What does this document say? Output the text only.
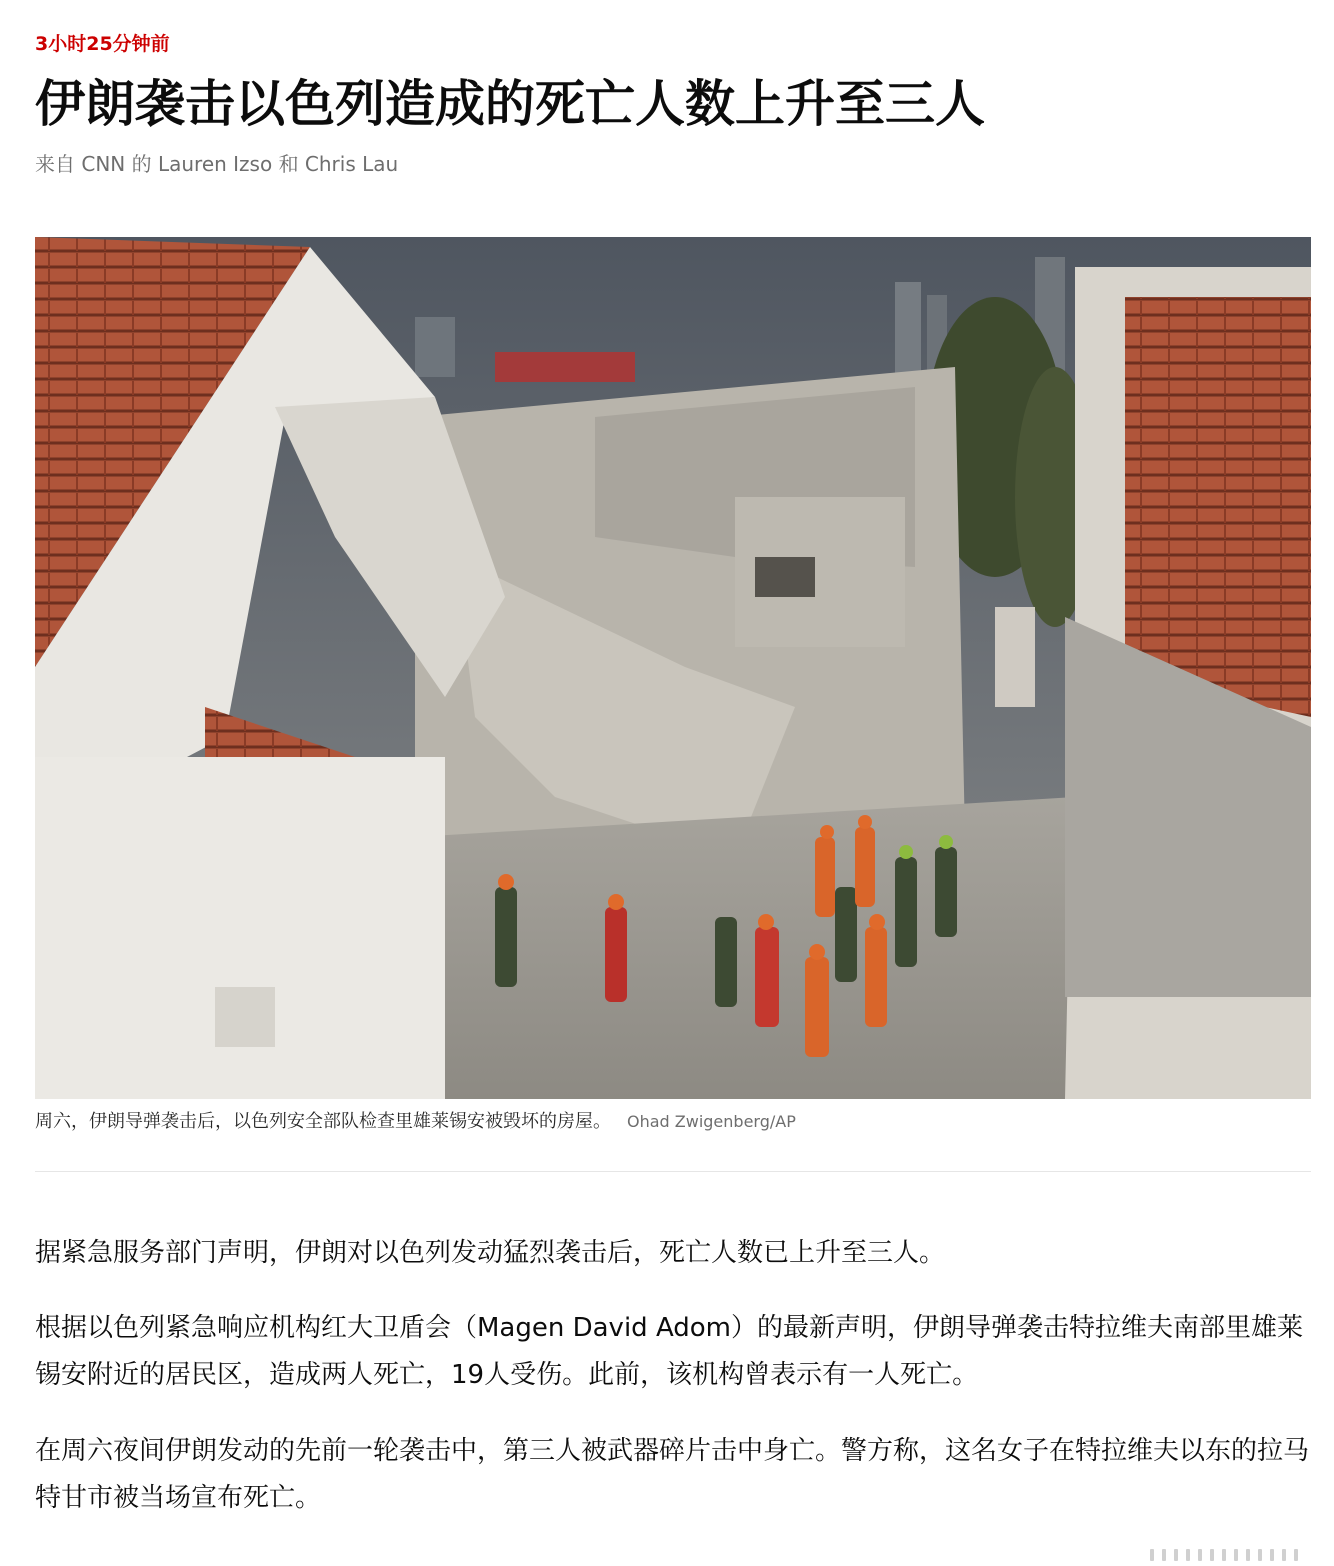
3小时25分钟前
伊朗袭击以色列造成的死亡人数上升至三人
来自 CNN 的 Lauren Izso 和 Chris Lau
周六，伊朗导弹袭击后，以色列安全部队检查里雄莱锡安被毁坏的房屋。 Ohad Zwigenberg/AP

据紧急服务部门声明，伊朗对以色列发动猛烈袭击后，死亡人数已上升至三人。

根据以色列紧急响应机构红大卫盾会（Magen David Adom）的最新声明，伊朗导弹袭击特拉维夫南部里雄莱锡安附近的居民区，造成两人死亡，19人受伤。此前，该机构曾表示有一人死亡。

在周六夜间伊朗发动的先前一轮袭击中，第三人被武器碎片击中身亡。警方称，这名女子在特拉维夫以东的拉马特甘市被当场宣布死亡。
